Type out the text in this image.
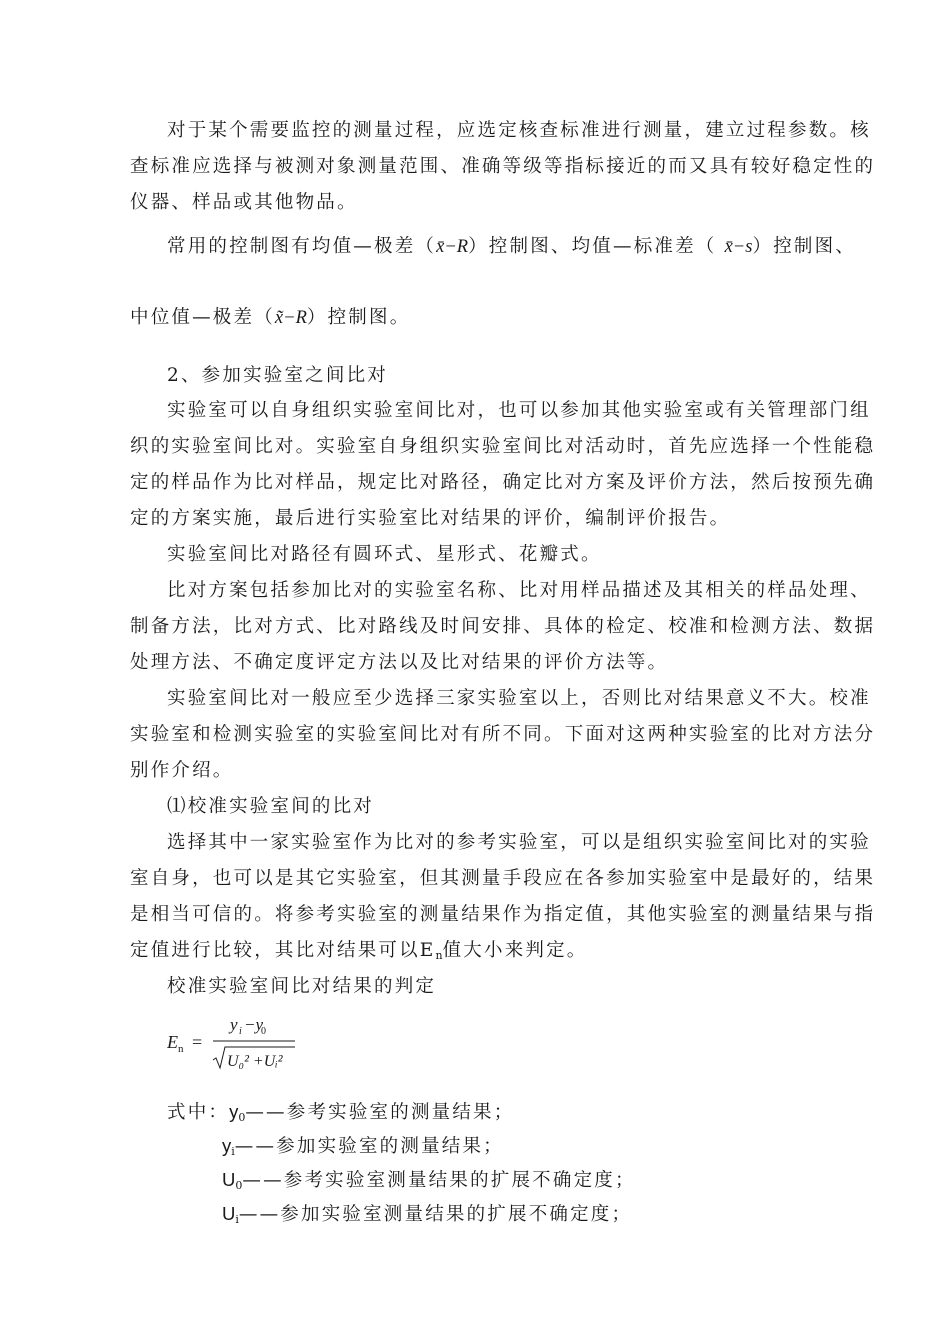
对于某个需要监控的测量过程，应选定核查标准进行测量，建立过程参数。核
查标准应选择与被测对象测量范围、准确等级等指标接近的而又具有较好稳定性的
仪器、样品或其他物品。
常用的控制图有均值—极差（x̄−R）控制图、均值—标准差（ x̄−s）控制图、
中位值—极差（x̃−R）控制图。
2、参加实验室之间比对
实验室可以自身组织实验室间比对，也可以参加其他实验室或有关管理部门组
织的实验室间比对。实验室自身组织实验室间比对活动时，首先应选择一个性能稳
定的样品作为比对样品，规定比对路径，确定比对方案及评价方法，然后按预先确
定的方案实施，最后进行实验室比对结果的评价，编制评价报告。
实验室间比对路径有圆环式、星形式、花瓣式。
比对方案包括参加比对的实验室名称、比对用样品描述及其相关的样品处理、
制备方法，比对方式、比对路线及时间安排、具体的检定、校准和检测方法、数据
处理方法、不确定度评定方法以及比对结果的评价方法等。
实验室间比对一般应至少选择三家实验室以上，否则比对结果意义不大。校准
实验室和检测实验室的实验室间比对有所不同。下面对这两种实验室的比对方法分
别作介绍。
⑴校准实验室间的比对
选择其中一家实验室作为比对的参考实验室，可以是组织实验室间比对的实验
室自身，也可以是其它实验室，但其测量手段应在各参加实验室中是最好的，结果
是相当可信的。将参考实验室的测量结果作为指定值，其他实验室的测量结果与指
定值进行比较，其比对结果可以$E_n$值大小来判定。
校准实验室间比对结果的判定
E n =
y i −y
0
U₀² +Uᵢ²
式中：$y_0——$参考实验室的测量结果；
$y_i——$参加实验室的测量结果；
$U_0——$参考实验室测量结果的扩展不确定度；
$U_i——$参加实验室测量结果的扩展不确定度；
